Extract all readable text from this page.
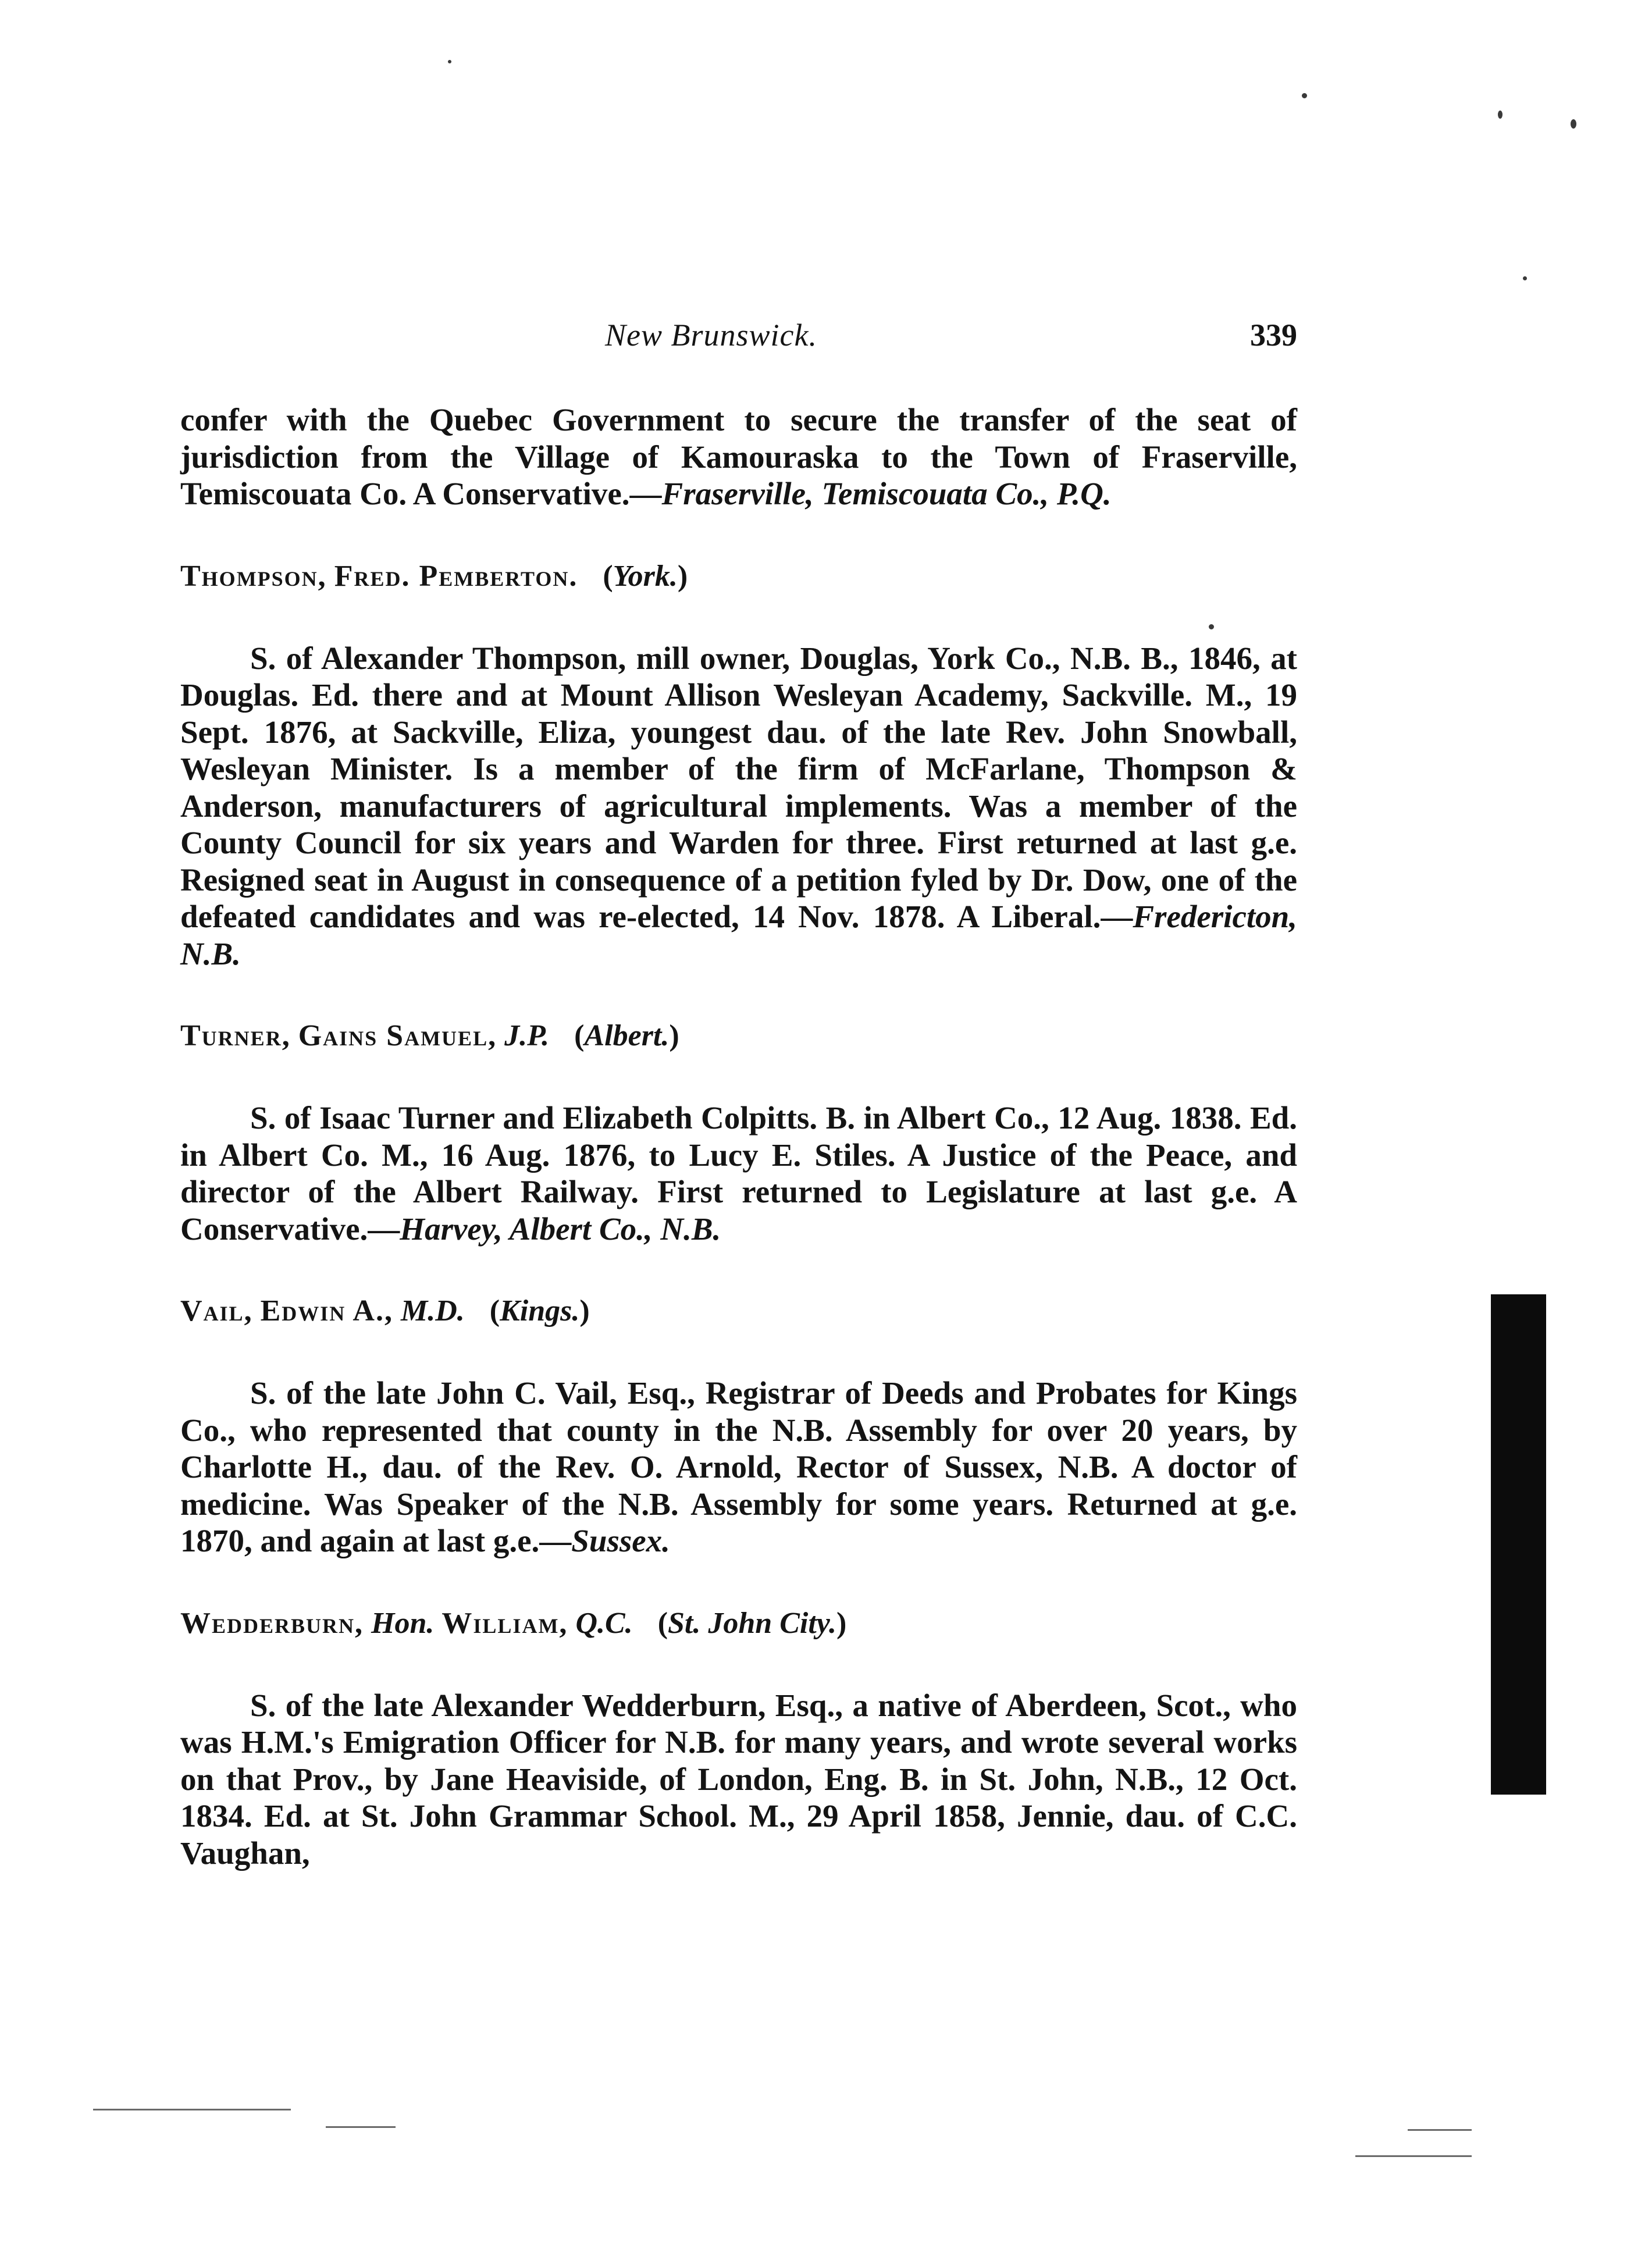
New Brunswick.	339

confer with the Quebec Government to secure the transfer of the seat of jurisdiction from the Village of Kamouraska to the Town of Fraserville, Temiscouata Co. A Conservative.—Fraserville, Temiscouata Co., P.Q.

Thompson, Fred. Pemberton. (York.)

S. of Alexander Thompson, mill owner, Douglas, York Co., N.B. B., 1846, at Douglas. Ed. there and at Mount Allison Wesleyan Academy, Sackville. M., 19 Sept. 1876, at Sackville, Eliza, youngest dau. of the late Rev. John Snowball, Wesleyan Minister. Is a member of the firm of McFarlane, Thompson & Anderson, manufacturers of agricultural implements. Was a member of the County Council for six years and Warden for three. First returned at last g.e. Resigned seat in August in consequence of a petition fyled by Dr. Dow, one of the defeated candidates and was re-elected, 14 Nov. 1878. A Liberal.—Fredericton, N.B.

Turner, Gains Samuel, J.P. (Albert.)

S. of Isaac Turner and Elizabeth Colpitts. B. in Albert Co., 12 Aug. 1838. Ed. in Albert Co. M., 16 Aug. 1876, to Lucy E. Stiles. A Justice of the Peace, and director of the Albert Railway. First returned to Legislature at last g.e. A Conservative.—Harvey, Albert Co., N.B.

Vail, Edwin A., M.D. (Kings.)

S. of the late John C. Vail, Esq., Registrar of Deeds and Probates for Kings Co., who represented that county in the N.B. Assembly for over 20 years, by Charlotte H., dau. of the Rev. O. Arnold, Rector of Sussex, N.B. A doctor of medicine. Was Speaker of the N.B. Assembly for some years. Returned at g.e. 1870, and again at last g.e.—Sussex.

Wedderburn, Hon. William, Q.C. (St. John City.)

S. of the late Alexander Wedderburn, Esq., a native of Aberdeen, Scot., who was H.M.'s Emigration Officer for N.B. for many years, and wrote several works on that Prov., by Jane Heaviside, of London, Eng. B. in St. John, N.B., 12 Oct. 1834. Ed. at St. John Grammar School. M., 29 April 1858, Jennie, dau. of C.C. Vaughan,
